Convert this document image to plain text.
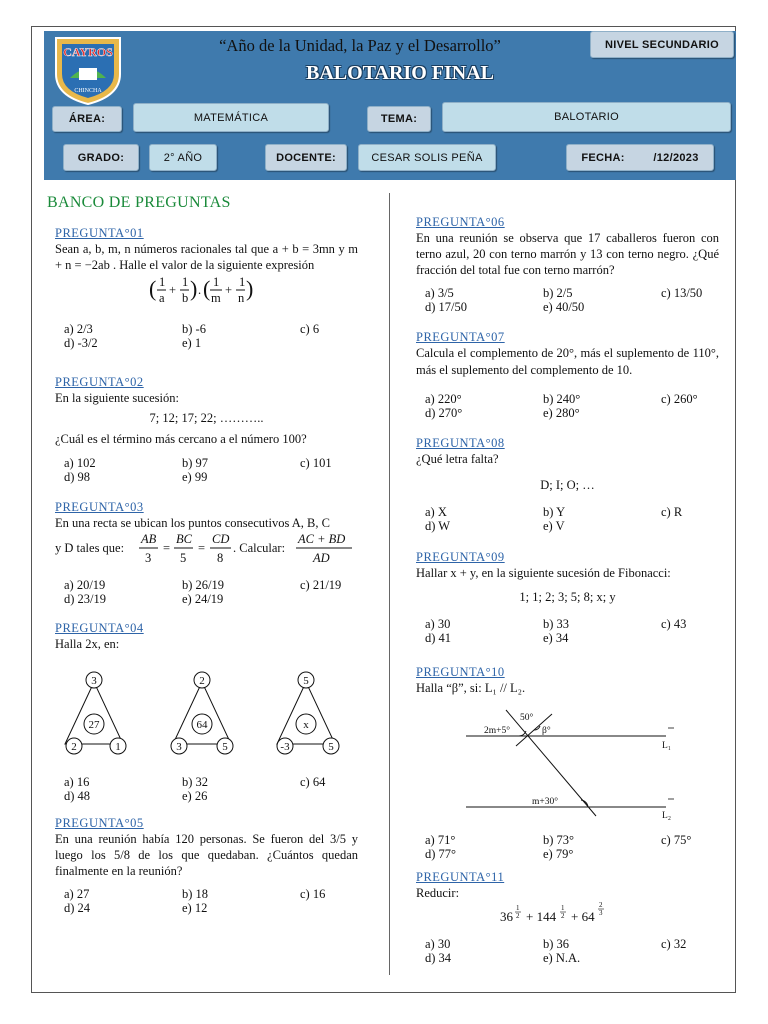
CAYROS
CHINCHA
“Año de la Unidad, la Paz y el Desarrollo”
BALOTARIO FINAL
NIVEL SECUNDARIO
ÁREA:	MATEMÁTICA	TEMA:	BALOTARIO
GRADO:	2° AÑO	DOCENTE:	CESAR SOLIS PEÑA	FECHA:	/12/2023
BANCO DE PREGUNTAS
PREGUNTA°01
Sean a, b, m, n números racionales tal que a + b = 3mn y m + n = −2ab . Halle el valor de la siguiente expresión
( 1
a
+
1
b ) . ( 1
m
+
1
n )
a) 2/3	b) -6	c) 6
d) -3/2	e) 1
PREGUNTA°02
En la siguiente sucesión:
7; 12; 17; 22; ………..
¿Cuál es el término más cercano a el número 100?
a) 102	b) 97	c) 101
d) 98	e) 99
PREGUNTA°03
En una recta se ubican los puntos consecutivos A, B, C
y D tales que:
AB
3
=
BC
5
=
CD
8
. Calcular:
AC + BD
AD
a) 20/19	b) 26/19	c) 21/19
d) 23/19	e) 24/19
PREGUNTA°04
Halla 2x, en:
3
27
2	1
2
64
3	5
5
x
-3	5
a) 16	b) 32	c) 64
d) 48	e) 26
PREGUNTA°05
En una reunión había 120 personas. Se fueron del 3/5 y luego los 5/8 de los que quedaban. ¿Cuántos quedan finalmente en la reunión?
a) 27	b) 18	c) 16
d) 24	e) 12
PREGUNTA°06
En una reunión se observa que 17 caballeros fueron con terno azul, 20 con terno marrón y 13 con terno negro. ¿Qué fracción del total fue con terno marrón?
a) 3/5	b) 2/5	c) 13/50
d) 17/50	e) 40/50
PREGUNTA°07
Calcula el complemento de 20°, más el suplemento de 110°, más el suplemento del complemento de 10.
a) 220°	b) 240°	c) 260°
d) 270°	e) 280°
PREGUNTA°08
¿Qué letra falta?
D; I; O; …
a) X	b) Y	c) R
d) W	e) V
PREGUNTA°09
Hallar x + y, en la siguiente sucesión de Fibonacci:
1; 1; 2; 3; 5; 8; x; y
a) 30	b) 33	c) 43
d) 41	e) 34
PREGUNTA°10
Halla “β”, si: L₁ // L₂.
2m+5°
50°
β°
m+30°
L₁
L₂
a) 71°	b) 73°	c) 75°
d) 77°	e) 79°
PREGUNTA°11
Reducir:
36
1
2 + 144
1
2 + 64
2
3
a) 30	b) 36	c) 32
d) 34	e) N.A.
